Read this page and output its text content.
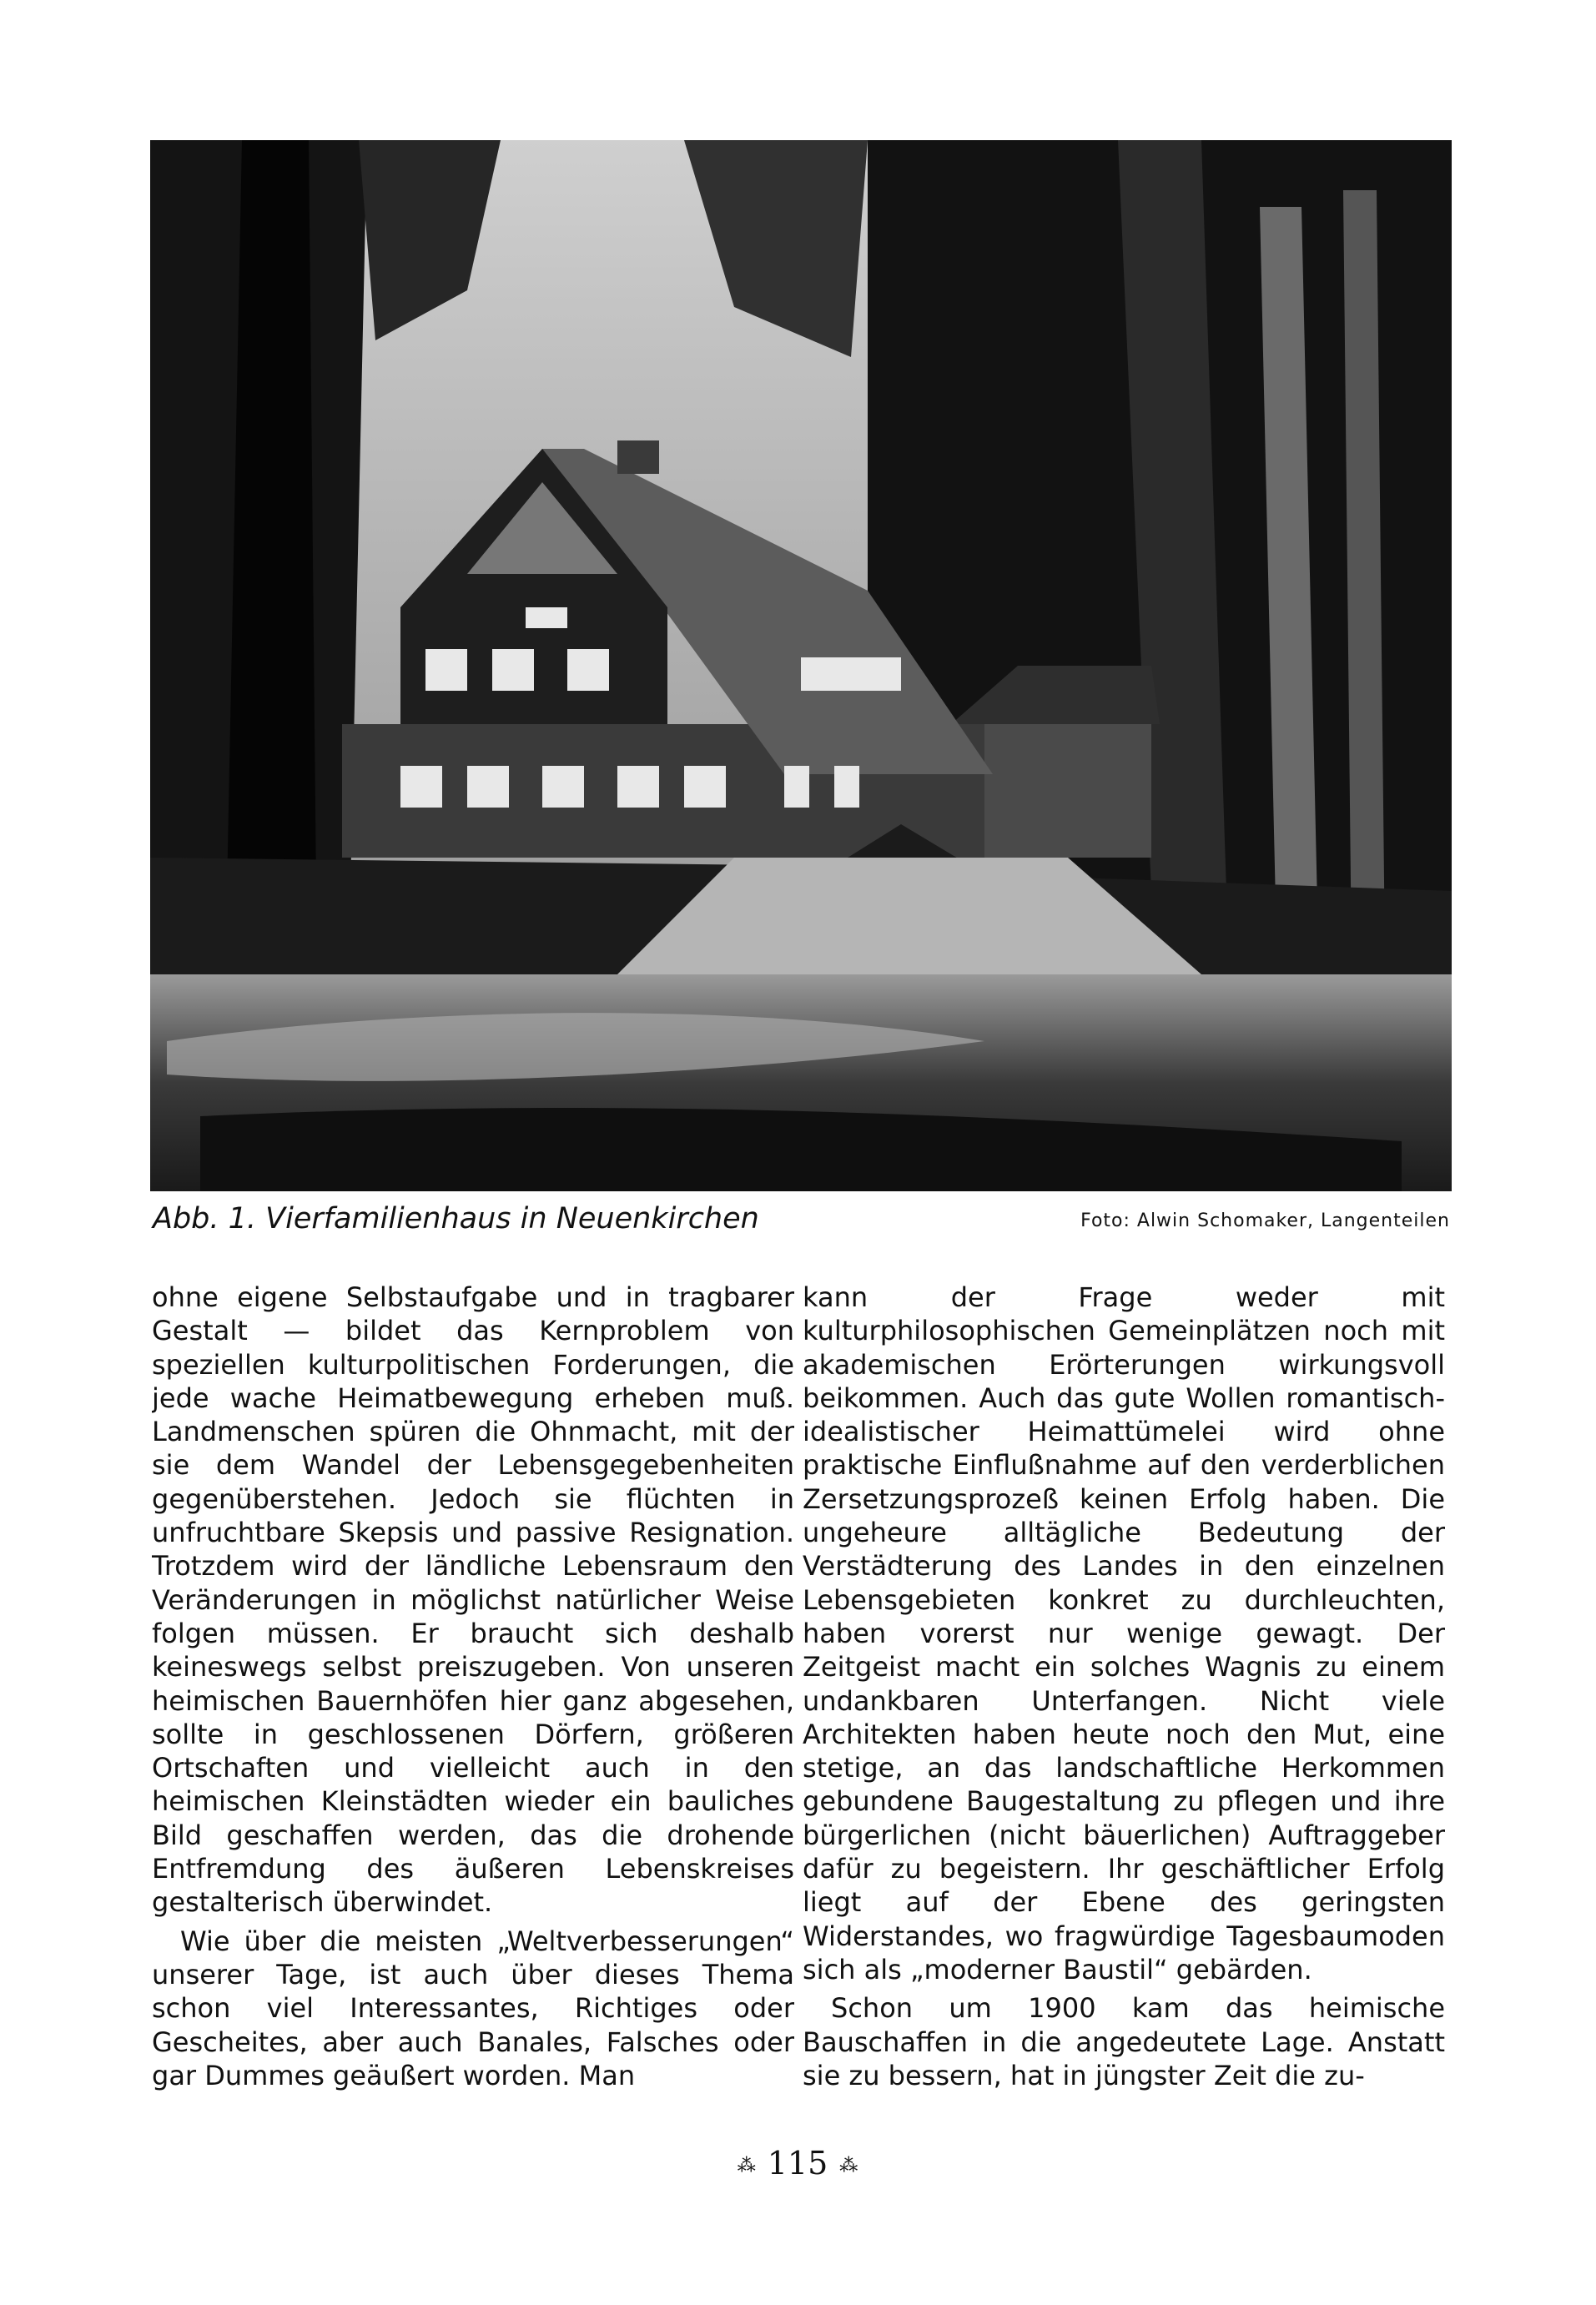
Abb. 1. Vierfamilienhaus in Neuenkirchen	Foto: Alwin Schomaker, Langenteilen

ohne eigene Selbstaufgabe und in tragbarer Gestalt — bildet das Kernproblem von speziellen kulturpolitischen Forderungen, die jede wache Heimatbewegung erheben muß. Landmenschen spüren die Ohnmacht, mit der sie dem Wandel der Lebensgegebenheiten gegenüberstehen. Jedoch sie flüchten in unfruchtbare Skepsis und passive Resignation. Trotzdem wird der ländliche Lebensraum den Veränderungen in möglichst natürlicher Weise folgen müssen. Er braucht sich deshalb keineswegs selbst preiszugeben. Von unseren heimischen Bauernhöfen hier ganz abgesehen, sollte in geschlossenen Dörfern, größeren Ortschaften und vielleicht auch in den heimischen Kleinstädten wieder ein bauliches Bild geschaffen werden, das die drohende Entfremdung des äußeren Lebenskreises gestalterisch überwindet.

Wie über die meisten „Weltverbesserungen“ unserer Tage, ist auch über dieses Thema schon viel Interessantes, Richtiges oder Gescheites, aber auch Banales, Falsches oder gar Dummes geäußert worden. Man

kann der Frage weder mit kulturphilosophischen Gemeinplätzen noch mit akademischen Erörterungen wirkungsvoll beikommen. Auch das gute Wollen romantisch-idealistischer Heimattümelei wird ohne praktische Einflußnahme auf den verderblichen Zersetzungsprozeß keinen Erfolg haben. Die ungeheure alltägliche Bedeutung der Verstädterung des Landes in den einzelnen Lebensgebieten konkret zu durchleuchten, haben vorerst nur wenige gewagt. Der Zeitgeist macht ein solches Wagnis zu einem undankbaren Unterfangen. Nicht viele Architekten haben heute noch den Mut, eine stetige, an das landschaftliche Herkommen gebundene Baugestaltung zu pflegen und ihre bürgerlichen (nicht bäuerlichen) Auftraggeber dafür zu begeistern. Ihr geschäftlicher Erfolg liegt auf der Ebene des geringsten Widerstandes, wo fragwürdige Tagesbaumoden sich als „moderner Baustil“ gebärden.

Schon um 1900 kam das heimische Bauschaffen in die angedeutete Lage. Anstatt sie zu bessern, hat in jüngster Zeit die zu-

⁂ 115 ⁂
